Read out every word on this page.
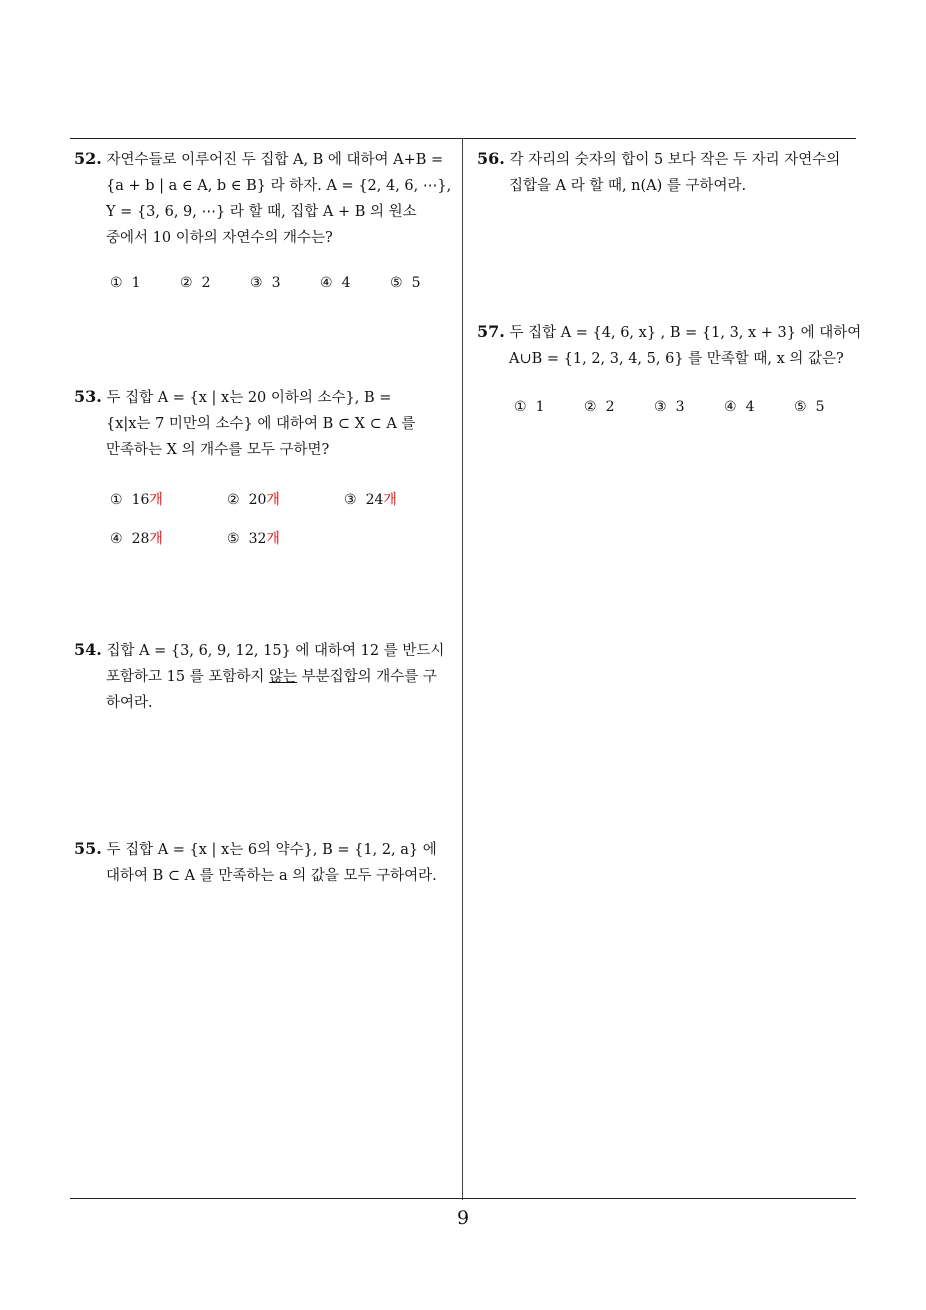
52. 자연수들로 이루어진 두 집합 A, B 에 대하여 A+B =
{a + b | a ∈ A, b ∈ B} 라 하자. A = {2, 4, 6, ⋯},
Y = {3, 6, 9, ⋯} 라 할 때, 집합 A + B 의 원소
중에서 10 이하의 자연수의 개수는?
① 1	② 2	③ 3	④ 4	⑤ 5
53. 두 집합 A = {x | x는 20 이하의 소수}, B =
{x|x는 7 미만의 소수} 에 대하여 B ⊂ X ⊂ A 를
만족하는 X 의 개수를 모두 구하면?
① 16개	② 20개	③ 24개
④ 28개	⑤ 32개
54. 집합 A = {3, 6, 9, 12, 15} 에 대하여 12 를 반드시
포함하고 15 를 포함하지 않는 부분집합의 개수를 구
하여라.
55. 두 집합 A = {x | x는 6의 약수}, B = {1, 2, a} 에
대하여 B ⊂ A 를 만족하는 a 의 값을 모두 구하여라.
56. 각 자리의 숫자의 합이 5 보다 작은 두 자리 자연수의
집합을 A 라 할 때, n(A) 를 구하여라.
57. 두 집합 A = {4, 6, x} , B = {1, 3, x + 3} 에 대하여
A∪B = {1, 2, 3, 4, 5, 6} 를 만족할 때, x 의 값은?
① 1	② 2	③ 3	④ 4	⑤ 5
9
